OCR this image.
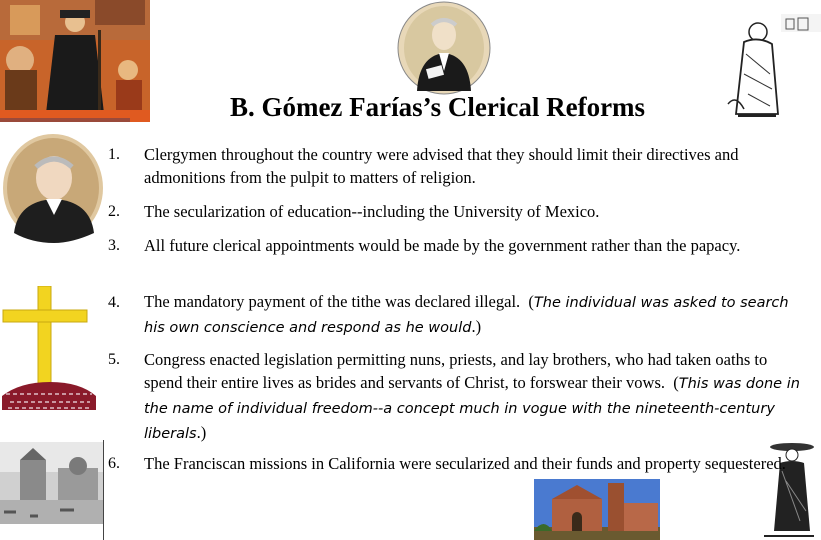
B. Gómez Farías’s Clerical Reforms
1. Clergymen throughout the country were advised that they should limit their directives and admonitions from the pulpit to matters of religion.
2. The secularization of education--including the University of Mexico.
3. All future clerical appointments would be made by the government rather than the papacy.
4. The mandatory payment of the tithe was declared illegal. (The individual was asked to search his own conscience and respond as he would.)
5. Congress enacted legislation permitting nuns, priests, and lay brothers, who had taken oaths to spend their entire lives as brides and servants of Christ, to forswear their vows. (This was done in the name of individual freedom--a concept much in vogue with the nineteenth-century liberals.)
6. The Franciscan missions in California were secularized and their funds and property sequestered.
